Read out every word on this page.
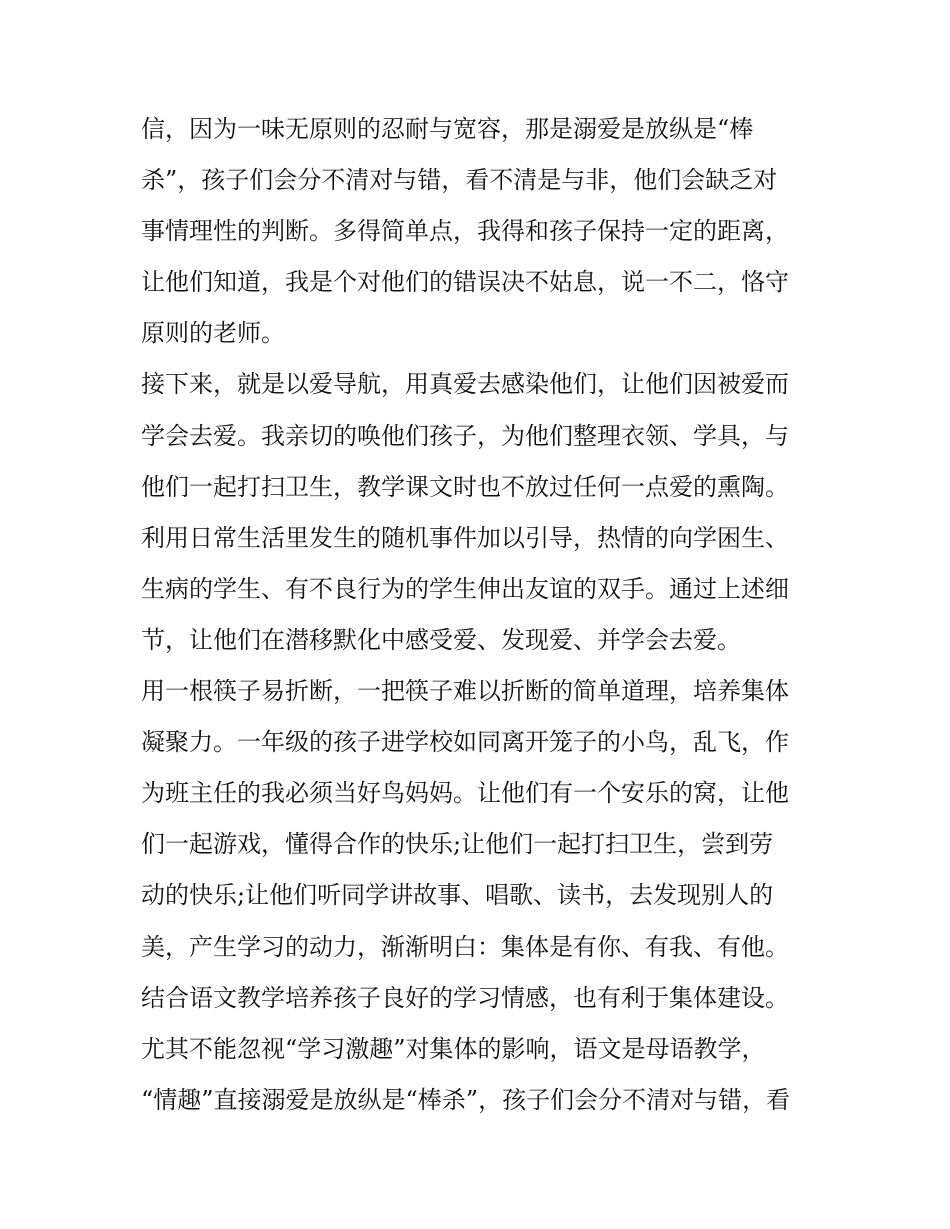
信，因为一味无原则的忍耐与宽容，那是溺爱是放纵是“棒
杀”，孩子们会分不清对与错，看不清是与非，他们会缺乏对
事情理性的判断。多得简单点，我得和孩子保持一定的距离，
让他们知道，我是个对他们的错误决不姑息，说一不二，恪守
原则的老师。
接下来，就是以爱导航，用真爱去感染他们，让他们因被爱而
学会去爱。我亲切的唤他们孩子，为他们整理衣领、学具，与
他们一起打扫卫生，教学课文时也不放过任何一点爱的熏陶。
利用日常生活里发生的随机事件加以引导，热情的向学困生、
生病的学生、有不良行为的学生伸出友谊的双手。通过上述细
节，让他们在潜移默化中感受爱、发现爱、并学会去爱。
用一根筷子易折断，一把筷子难以折断的简单道理，培养集体
凝聚力。一年级的孩子进学校如同离开笼子的小鸟，乱飞，作
为班主任的我必须当好鸟妈妈。让他们有一个安乐的窝，让他
们一起游戏，懂得合作的快乐;让他们一起打扫卫生，尝到劳
动的快乐;让他们听同学讲故事、唱歌、读书，去发现别人的
美，产生学习的动力，渐渐明白：集体是有你、有我、有他。
结合语文教学培养孩子良好的学习情感，也有利于集体建设。
尤其不能忽视“学习激趣”对集体的影响，语文是母语教学，
“情趣”直接溺爱是放纵是“棒杀”，孩子们会分不清对与错，看
